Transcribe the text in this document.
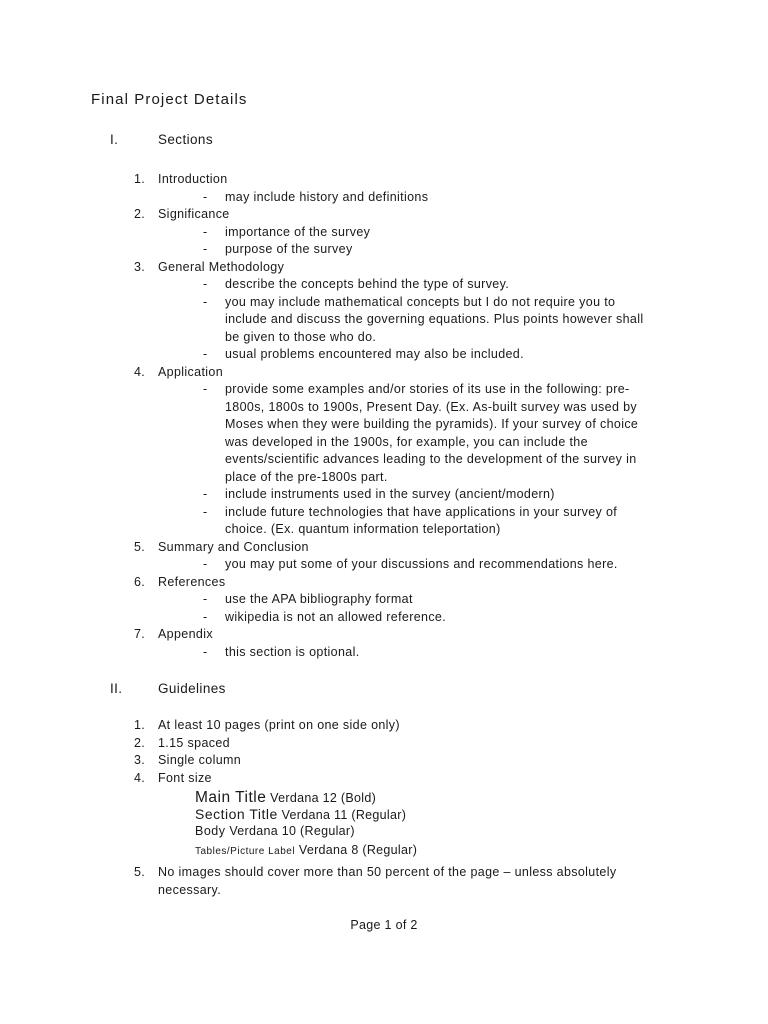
Final Project Details
I.	Sections
1.	Introduction
- may include history and definitions
2.	Significance
- importance of the survey
- purpose of the survey
3.	General Methodology
- describe the concepts behind the type of survey.
- you may include mathematical concepts but I do not require you to
include and discuss the governing equations. Plus points however shall
be given to those who do.
- usual problems encountered may also be included.
4.	Application
- provide some examples and/or stories of its use in the following: pre-
1800s, 1800s to 1900s, Present Day. (Ex. As-built survey was used by
Moses when they were building the pyramids). If your survey of choice
was developed in the 1900s, for example, you can include the
events/scientific advances leading to the development of the survey in
place of the pre-1800s part.
- include instruments used in the survey (ancient/modern)
- include future technologies that have applications in your survey of
choice. (Ex. quantum information teleportation)
5.	Summary and Conclusion
- you may put some of your discussions and recommendations here.
6.	References
- use the APA bibliography format
- wikipedia is not an allowed reference.
7.	Appendix
- this section is optional.
II.	Guidelines
1.	At least 10 pages (print on one side only)
2.	1.15 spaced
3.	Single column
4.	Font size
Main Title Verdana 12 (Bold)
Section Title Verdana 11 (Regular)
Body Verdana 10 (Regular)
Tables/Picture Label Verdana 8 (Regular)
5.	No images should cover more than 50 percent of the page – unless absolutely
necessary.
Page 1 of 2
